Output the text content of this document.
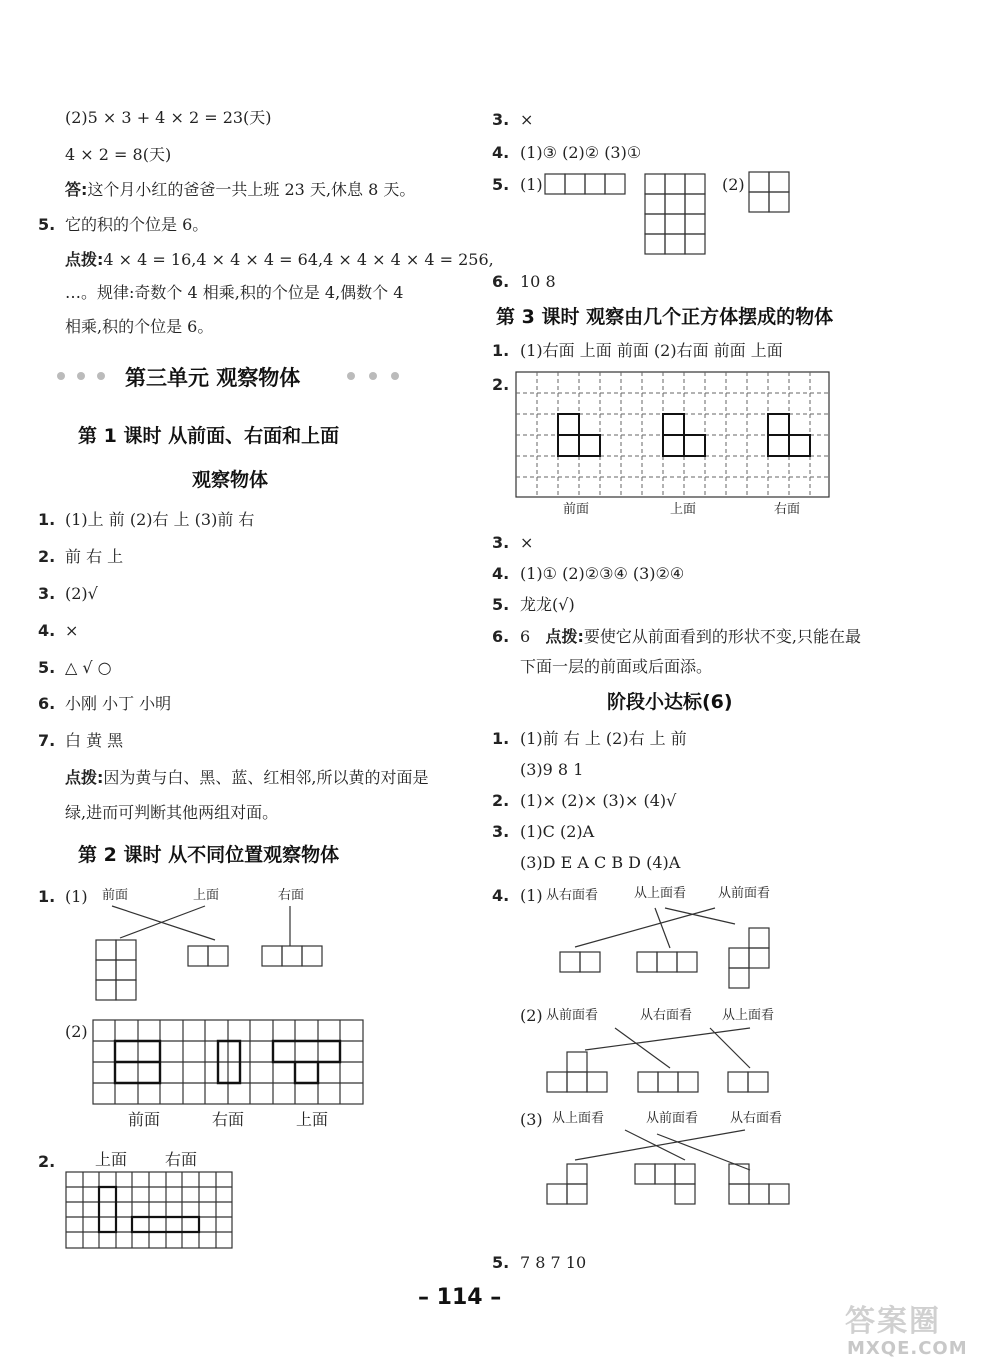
(2)5 × 3 + 4 × 2 = 23(天)
4 × 2 = 8(天)
答:这个月小红的爸爸一共上班 23 天,休息 8 天。
5. 它的积的个位是 6。
点拨:4 × 4 = 16,4 × 4 × 4 = 64,4 × 4 × 4 × 4 = 256,
…。规律:奇数个 4 相乘,积的个位是 4,偶数个 4
相乘,积的个位是 6。
第三单元 观察物体
第 1 课时 从前面、右面和上面
观察物体
1. (1)上 前 (2)右 上 (3)前 右
2. 前 右 上
3. (2)√
4. ×
5. △ √ ○
6. 小刚 小丁 小明
7. 白 黄 黑
点拨:因为黄与白、黑、蓝、红相邻,所以黄的对面是
绿,进而可判断其他两组对面。
第 2 课时 从不同位置观察物体
1. (1) 前面	上面	右面
(2)
前面	右面	上面
2. 上面 右面
3. ×
4. (1)③ (2)② (3)①
5. (1)	(2)
6. 10 8
第 3 课时 观察由几个正方体摆成的物体
1. (1)右面 上面 前面 (2)右面 前面 上面
2.
前面	上面	右面
3. ×
4. (1)① (2)②③④ (3)②④
5. 龙龙(√)
6. 6 点拨:要使它从前面看到的形状不变,只能在最
下面一层的前面或后面添。
阶段小达标(6)
1. (1)前 右 上 (2)右 上 前
(3)9 8 1
2. (1)× (2)× (3)× (4)√
3. (1)C (2)A
(3)D E A C B D (4)A
4. (1) 从右面看	从上面看 从前面看
(2) 从前面看	从右面看 从上面看
(3) 从上面看	从前面看 从右面看
5. 7 8 7 10
– 114 –
答案圈
MXQE.COM
